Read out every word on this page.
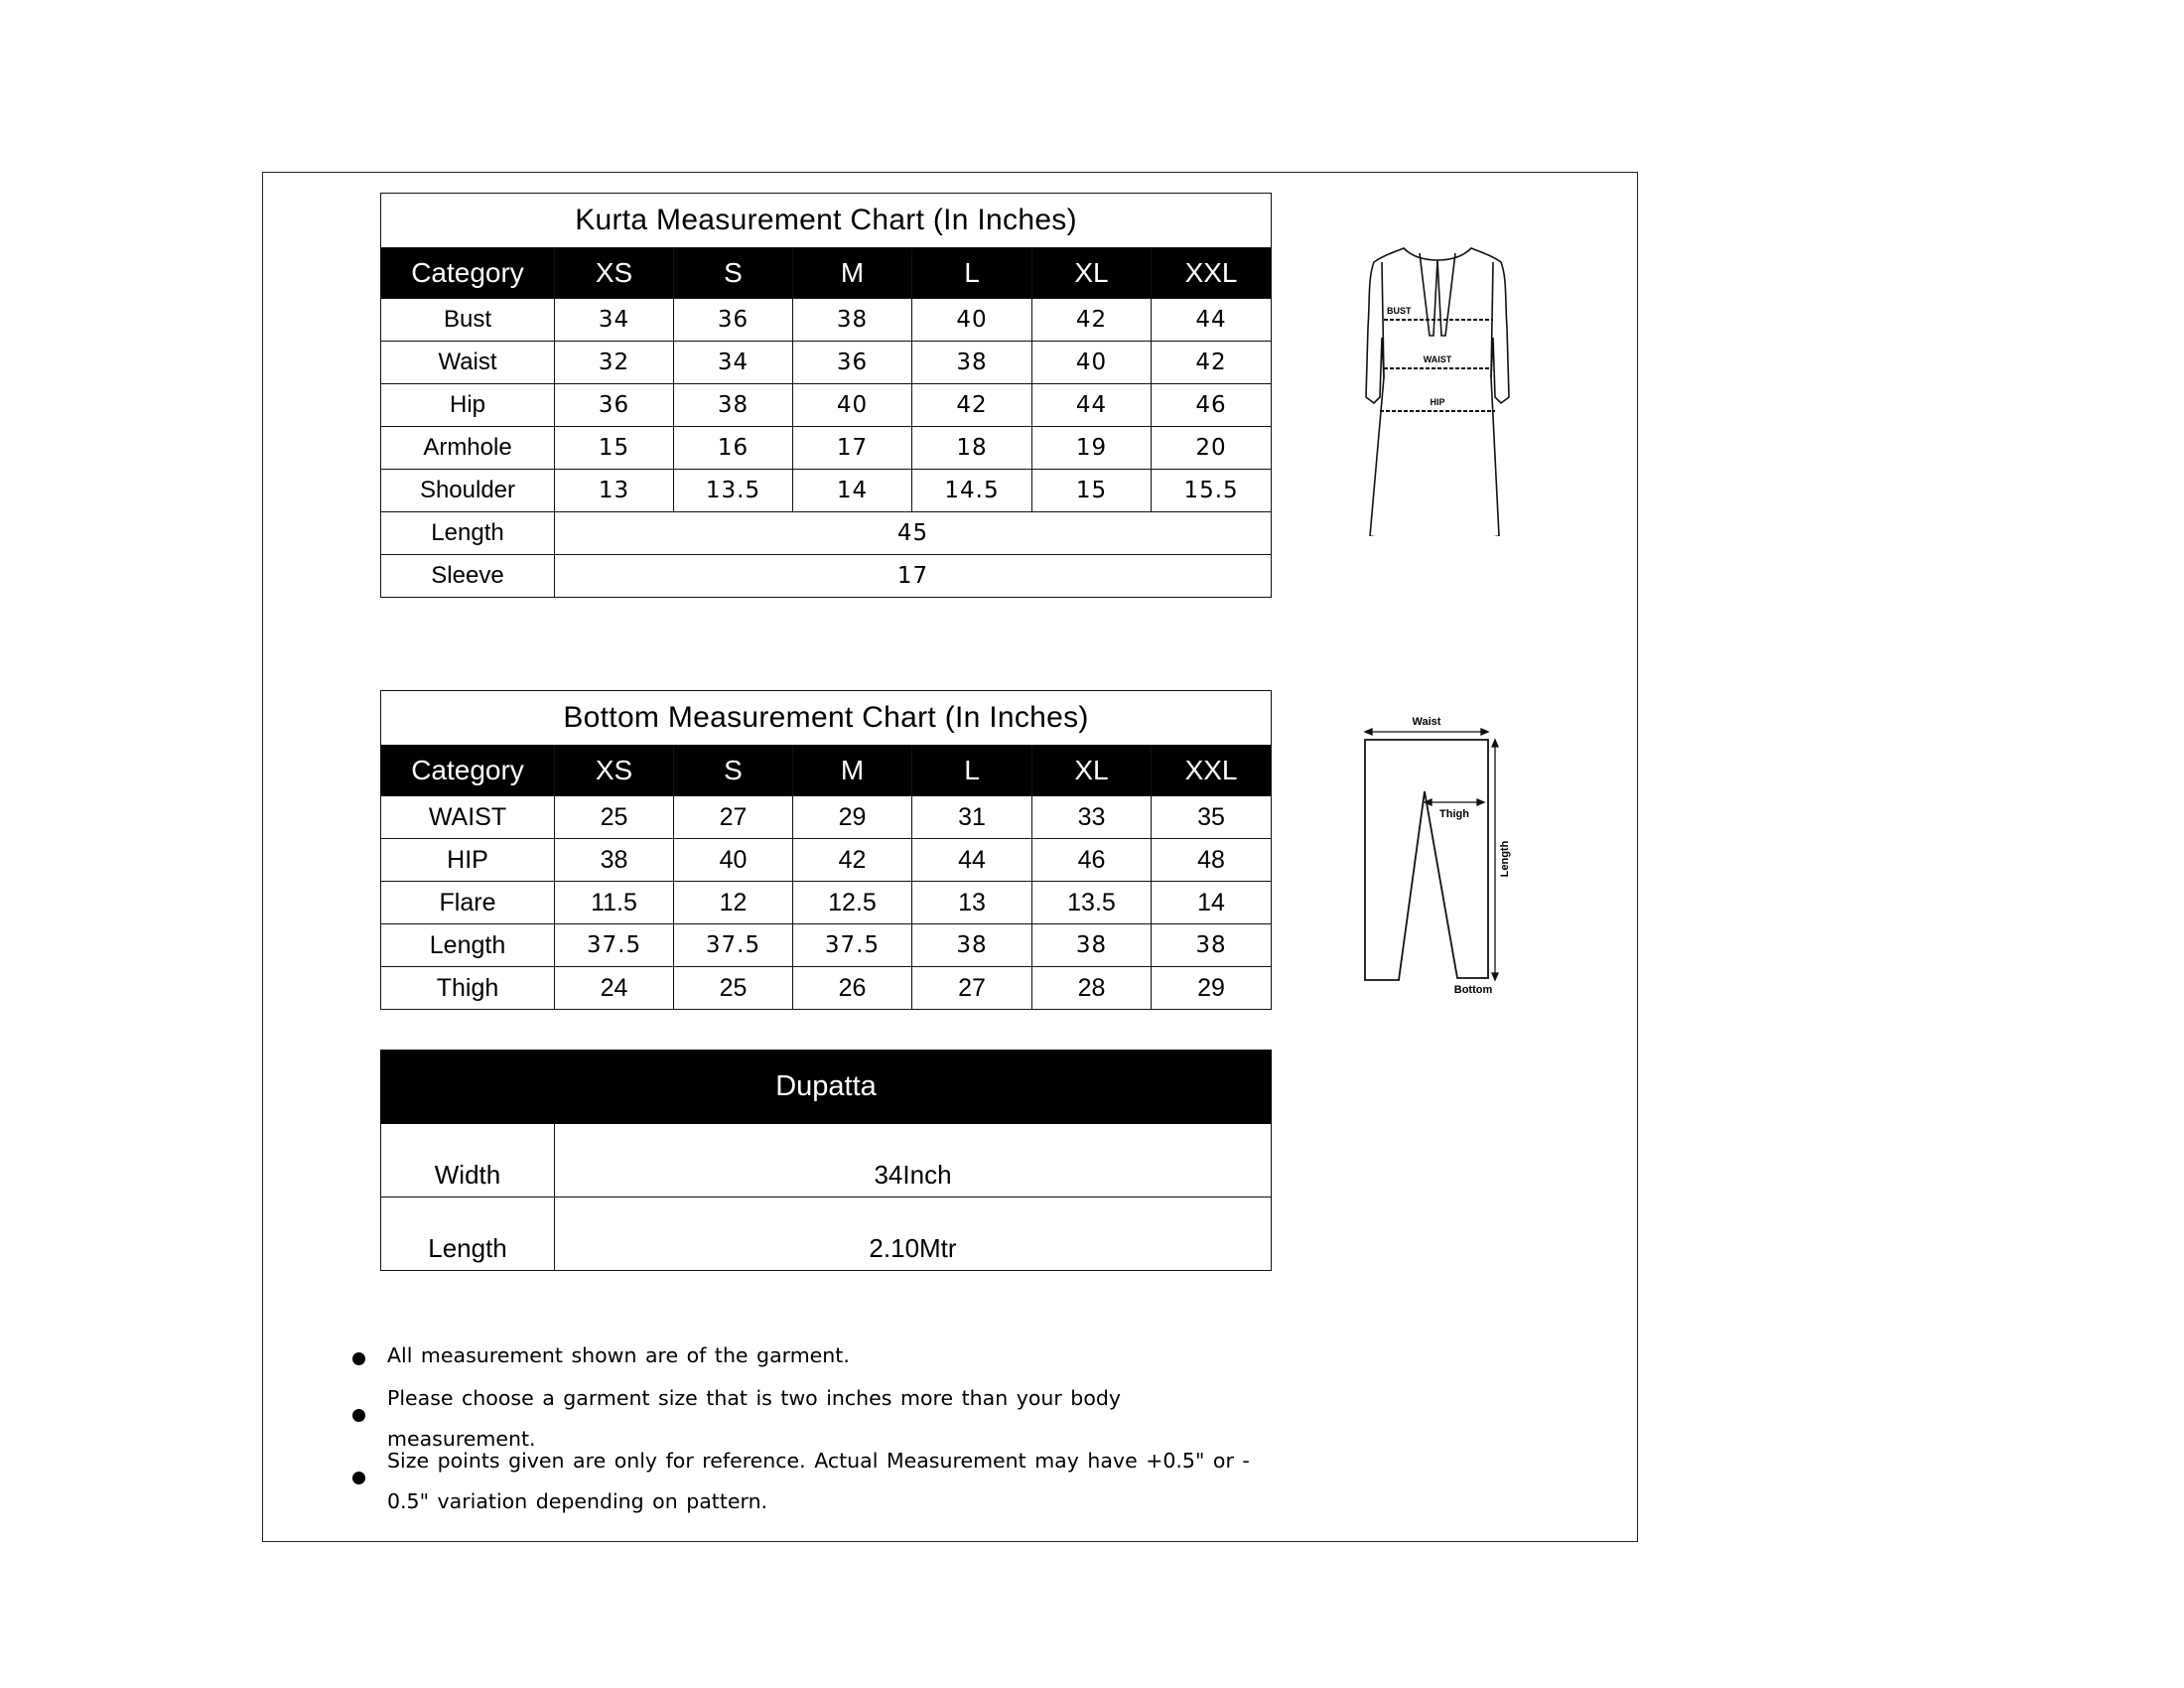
Kurta Measurement Chart (In Inches)						
Category	XS	S	M	L	XL	XXL
Bust	34	36	38	40	42	44
Waist	32	34	36	38	40	42
Hip	36	38	40	42	44	46
Armhole	15	16	17	18	19	20
Shoulder	13	13.5	14	14.5	15	15.5
Length	45					
Sleeve	17					
Bottom Measurement Chart (In Inches)						
Category	XS	S	M	L	XL	XXL
WAIST	25	27	29	31	33	35
HIP	38	40	42	44	46	48
Flare	11.5	12	12.5	13	13.5	14
Length	37.5	37.5	37.5	38	38	38
Thigh	24	25	26	27	28	29
Dupatta	
Width	34Inch
Length	2.10Mtr
BUST
WAIST
HIP
Waist
Thigh
Length
Bottom
All measurement shown are of the garment.
Please choose a garment size that is two inches more than your body
measurement.
Size points given are only for reference. Actual Measurement may have +0.5" or -
0.5" variation depending on pattern.
